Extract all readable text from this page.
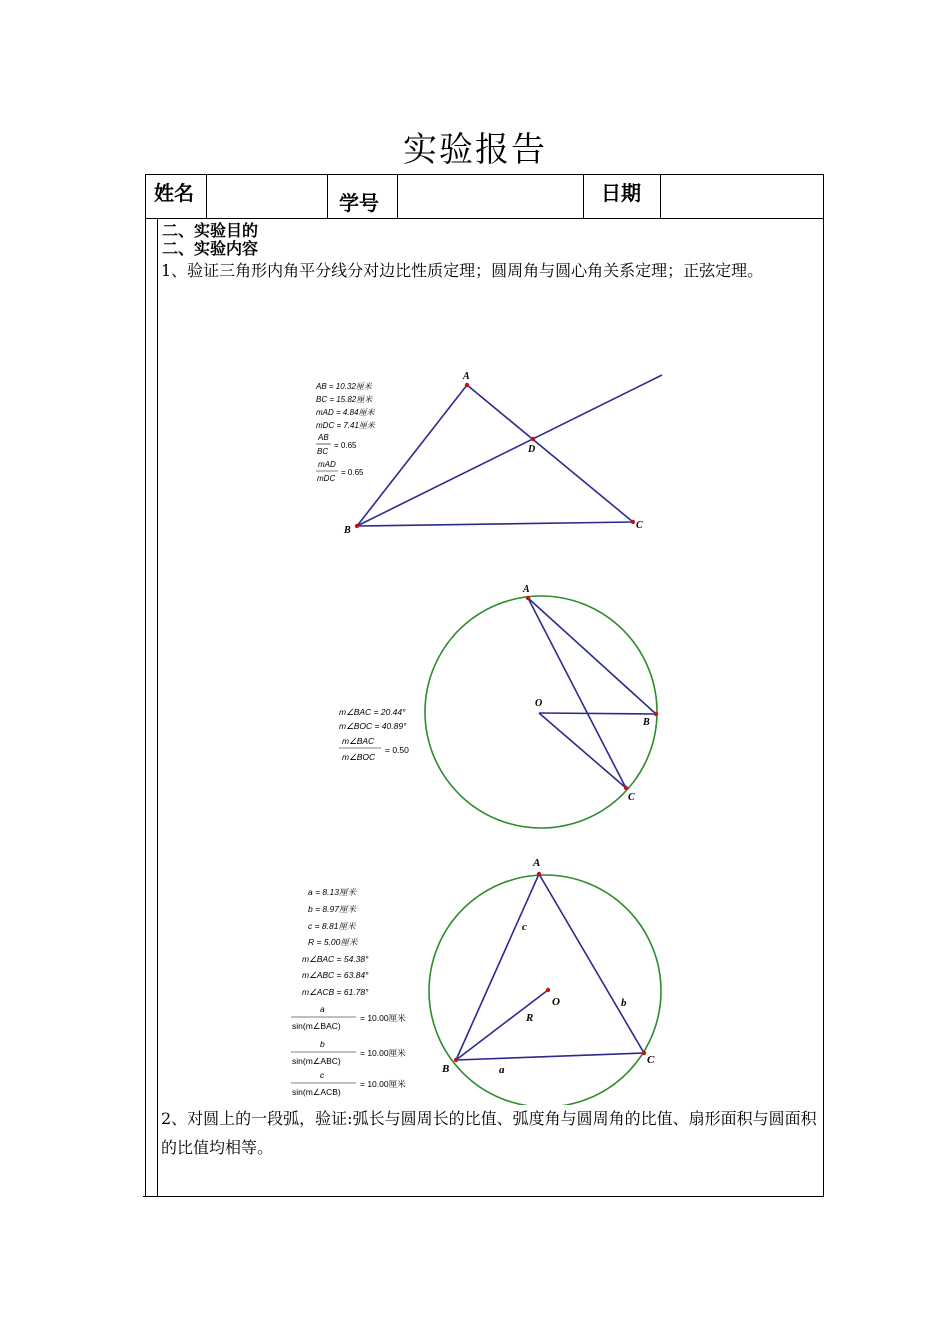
实验报告
姓名	学号	日期
二、实验目的
二、实验内容
1、验证三角形内角平分线分对边比性质定理；圆周角与圆心角关系定理；正弦定理。
A
B	C
D
AB = 10.32厘米
BC = 15.82厘米
mAD = 4.84厘米
mDC = 7.41厘米
AB
BC
= 0.65
mAD
mDC
= 0.65
A
B
C
O
m∠BAC = 20.44°
m∠BOC = 40.89°
m∠BAC
m∠BOC
= 0.50
A
B
C
O
c
b
a
R
a = 8.13厘米
b = 8.97厘米
c = 8.81厘米
R = 5.00厘米
m∠BAC = 54.38°
m∠ABC = 63.84°
m∠ACB = 61.78°
a
sin(m∠BAC)
= 10.00厘米
b
sin(m∠ABC)
= 10.00厘米
c
sin(m∠ACB)
= 10.00厘米
2、对圆上的一段弧，验证:弧长与圆周长的比值、弧度角与圆周角的比值、扇形面积与圆面积的比值均相等。
